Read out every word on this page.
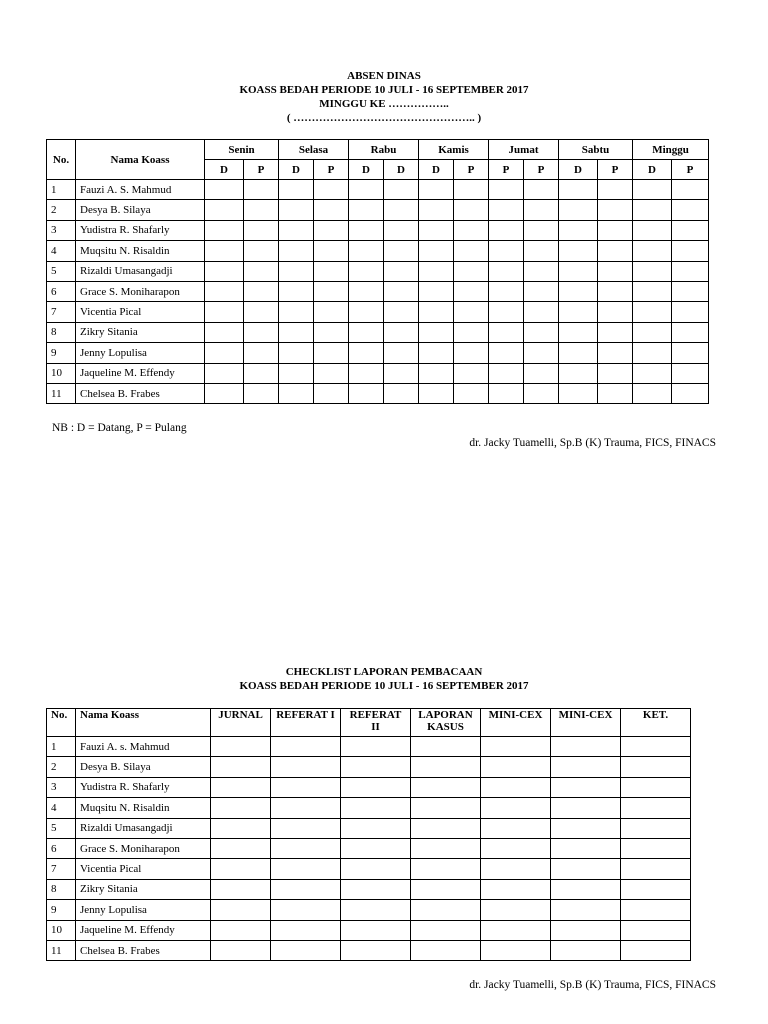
ABSEN DINAS
KOASS BEDAH PERIODE 10 JULI - 16 SEPTEMBER 2017
MINGGU KE ……………..
( ………………………………………….. )
No.	Nama Koass	Senin		Selasa		Rabu		Kamis		Jumat		Sabtu		Minggu	
		D	P	D	P	D	D	D	P	P	P	D	P	D	P
1	Fauzi A. S. Mahmud														
2	Desya B. Silaya														
3	Yudistra R. Shafarly														
4	Muqsitu N. Risaldin														
5	Rizaldi Umasangadji														
6	Grace S. Moniharapon														
7	Vicentia Pical														
8	Zikry Sitania														
9	Jenny Lopulisa														
10	Jaqueline M. Effendy														
11	Chelsea B. Frabes														
NB : D = Datang, P = Pulang
dr. Jacky Tuamelli, Sp.B (K) Trauma, FICS, FINACS
CHECKLIST LAPORAN PEMBACAAN
KOASS BEDAH PERIODE 10 JULI - 16 SEPTEMBER 2017
No.	Nama Koass	JURNAL	REFERAT I	REFERAT II	LAPORAN KASUS	MINI-CEX	MINI-CEX	KET.
1	Fauzi A. s. Mahmud							
2	Desya B. Silaya							
3	Yudistra R. Shafarly							
4	Muqsitu N. Risaldin							
5	Rizaldi Umasangadji							
6	Grace S. Moniharapon							
7	Vicentia Pical							
8	Zikry Sitania							
9	Jenny Lopulisa							
10	Jaqueline M. Effendy							
11	Chelsea B. Frabes							
dr. Jacky Tuamelli, Sp.B (K) Trauma, FICS, FINACS
